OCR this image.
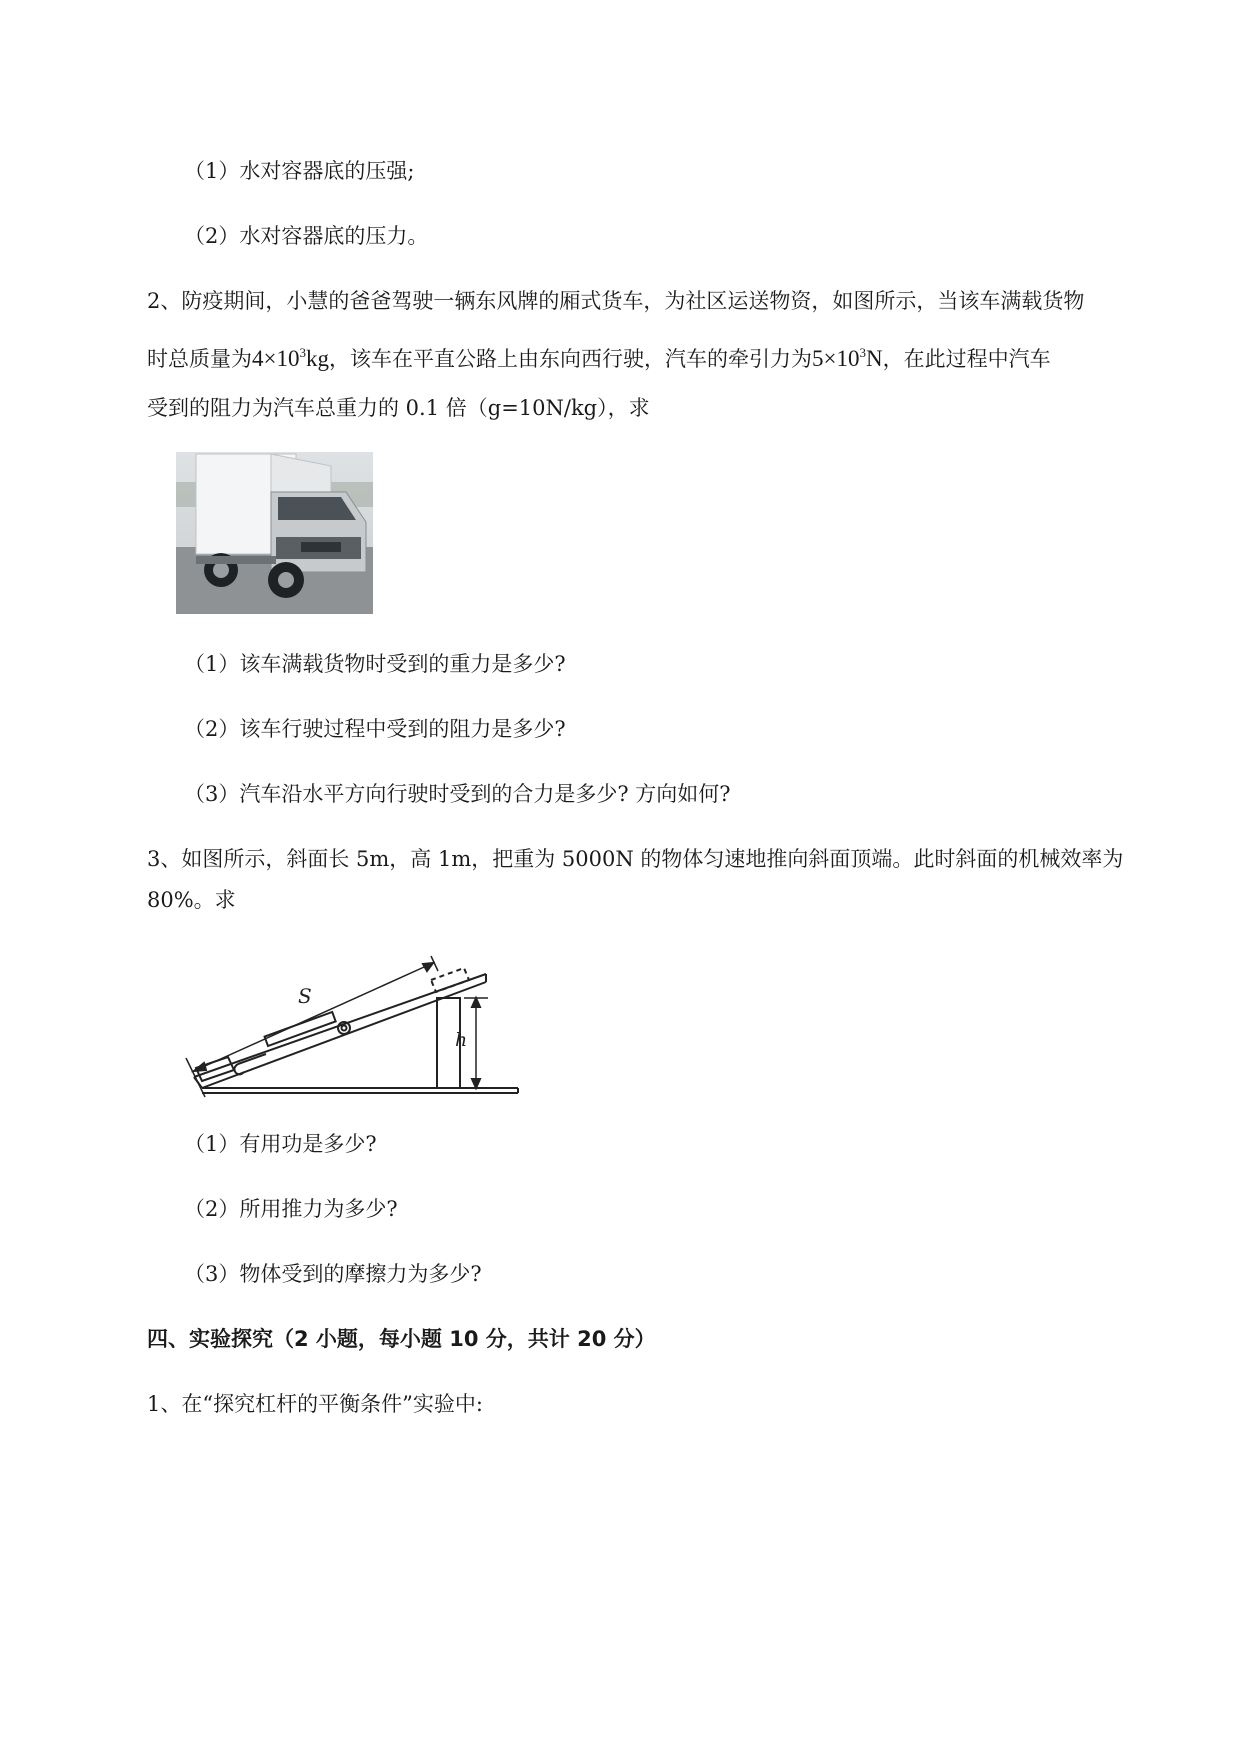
（1）水对容器底的压强;
（2）水对容器底的压力。
2、防疫期间，小慧的爸爸驾驶一辆东风牌的厢式货车，为社区运送物资，如图所示，当该车满载货物
时总质量为$4\times 10^3kg$，该车在平直公路上由东向西行驶，汽车的牵引力为$5\times 10^3N$，在此过程中汽车
受到的阻力为汽车总重力的 0.1 倍（g=10N/kg），求
（1）该车满载货物时受到的重力是多少?
（2）该车行驶过程中受到的阻力是多少?
（3）汽车沿水平方向行驶时受到的合力是多少? 方向如何?
3、如图所示，斜面长 5m，高 1m，把重为 5000N 的物体匀速地推向斜面顶端。此时斜面的机械效率为
80%。求
S
h
（1）有用功是多少?
（2）所用推力为多少?
（3）物体受到的摩擦力为多少?
四、实验探究（2 小题，每小题 10 分，共计 20 分）
1、在“探究杠杆的平衡条件”实验中:
